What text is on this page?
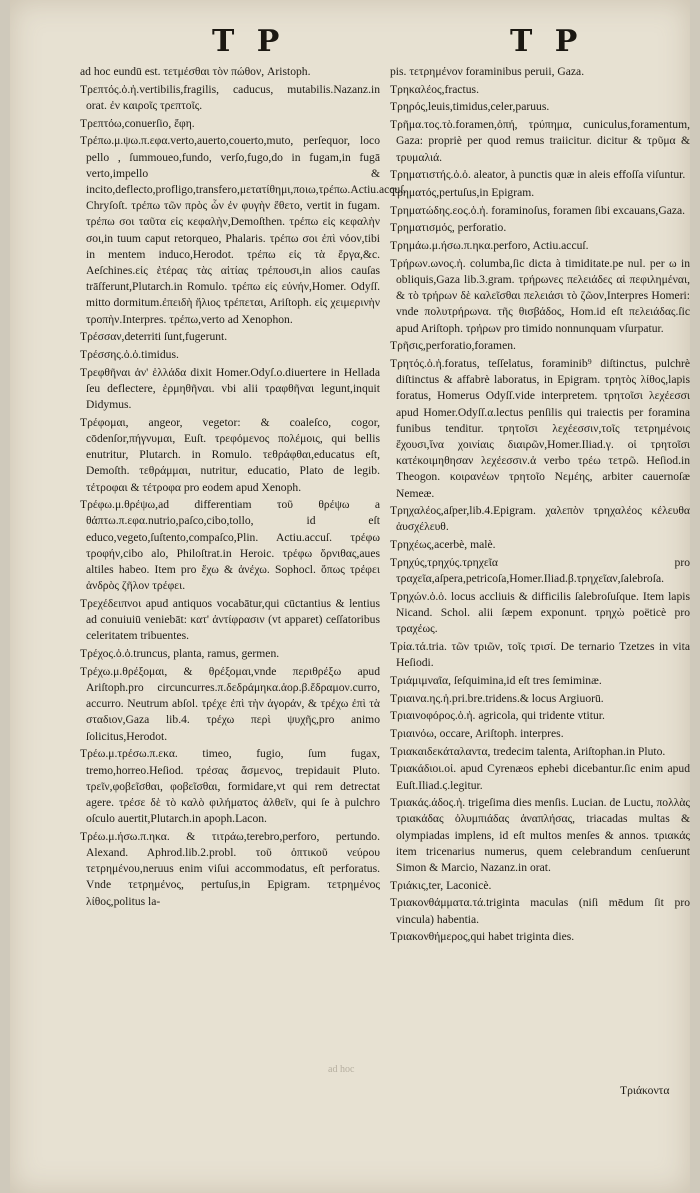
T P	T P

ad hoc eundū est. τετμέσθαι τὸν πώθον, Aristoph.

Τρεπτός.ὁ.ἡ.vertibilis,fragilis, caducus, mutabilis.Nazanz.in orat. ἐν καιροῖς τρεπτοῖς.

Τρεπτόω,conuerſio, ἔφη.

Τρέπω.μ.ψω.π.εφα.verto,auerto,couerto,muto, perſequor, loco pello , ſummoueo,fundo, verſo,fugo,do in fugam,in fugā verto,impello & incito,deflecto,profligo,transfero,μετατίθημι,ποιω,τρέπω.Actiu.accuſ. Chryſoſt. τρέπω τῶν πρὸς ὧν ἐν φυγὴν ἔθετο, vertit in fugam. τρέπω σοι ταῦτα εἰς κεφαλὴν,Demoſthen. τρέπω εἰς κεφαλὴν σοι,in tuum caput retorqueo, Phalaris. τρέπω σοι ἐπὶ νόον,tibi in mentem induco,Herodot. τρέπω εἰς τὰ ἔργα,&c. Aeſchines.εἰς ἑτέρας τὰς αἰτίας τρέπουσι,in alios cauſas trāſferunt,Plutarch.in Romulo. τρέπω εἰς εὐνήν,Homer. Odyſſ. mitto dormitum.ἐπειδὴ ἥλιος τρέπεται, Ariſtoph. εἰς χειμερινὴν τροπὴν.Interpres. τρέπω,verto ad Xenophon.

Τρέσσαν,deterriti ſunt,fugerunt.

Τρέσσης.ὁ.ὁ.timidus.

Τρεφθῆναι ἀν' ἑλλάδα dixit Homer.Odyſ.o.diuertere in Hellada ſeu deflectere, ἑρμηθῆναι. vbi alii τραφθῆναι legunt,inquit Didymus.

Τρέφομαι, angeor, vegetor: & coaleſco, cogor, cōdenſor,πήγνυμαι, Euſt. τρεφόμενος πολέμοις, qui bellis enutritur, Plutarch. in Romulo. τεθράφθαι,educatus eſt, Demoſth. τεθράμμαι, nutritur, educatio, Plato de legib. τέτροφαι & τέτροφα pro eodem apud Xenoph.

Τρέφω.μ.θρέψω,ad differentiam τοῦ θρέψω a θάπτω.π.εφα.nutrio,paſco,cibo,tollo, id eſt educo,vegeto,ſuſtento,compaſco,Plin. Actiu.accuſ. τρέφω τροφήν,cibo alo, Philoſtrat.in Heroic. τρέφω ὄρνιθας,aues altiles habeo. Item pro ἔχω & ἀνέχω. Sophocl. ὅπως τρέφει ἀνδρὸς ζῆλον τρέφει.

Τρεχέδειπνοι apud antiquos vocabātur,qui cūctantius & lentius ad conuiuiū veniebāt: κατ' ἀντίφρασιν (vt apparet) ceſſatoribus celeritatem tribuentes.

Τρέχος.ὁ.ὁ.truncus, planta, ramus, germen.

Τρέχω.μ.θρέξομαι, & θρέξομαι,vnde περιθρέξω apud Ariſtoph.pro circuncurres.π.δεδράμηκα.ἀορ.β.ἔδραμον.curro, accurro. Neutrum abſol. τρέχε ἐπὶ τὴν ἀγοράν, & τρέχω ἐπὶ τὰ σταδιον,Gaza lib.4. τρέχω περὶ ψυχῆς,pro animo ſolicitus,Herodot.

Τρέω.μ.τρέσω.π.εκα. timeo, fugio, ſum fugax, tremo,horreo.Heſiod. τρέσας ἄσμενος, trepidauit Pluto. τρεῖν,φοβεῖσθαι, φοβεῖσθαι, formidare,vt qui rem detrectat agere. τρέσε δὲ τὸ καλὸ φιλήματος ἀλθεῖν, qui ſe à pulchro oſculo auertit,Plutarch.in apoph.Lacon.

Τρέω.μ.ήσω.π.ηκα. & τιτράω,terebro,perforo, pertundo. Alexand. Aphrod.lib.2.probl. τοῦ ὀπτικοῦ νεύρου τετρημένου,neruus enim viſui accommodatus, eſt perforatus. Vnde τετρημένος, pertuſus,in Epigram. τετρημένος λίθος,politus la-

pis. τετρημένον foraminibus peruii, Gaza.

Τρηκαλέος,fractus.

Τρηρός,leuis,timidus,celer,paruus.

Τρῆμα.τος.τὸ.foramen,ὀπή, τρύπημα, cuniculus,foramentum, Gaza: propriè per quod remus traiicitur. dicitur & τρῦμα & τρυμαλιά.

Τρηματιστής.ὁ.ὁ. aleator, à punctis quæ in aleis effoſſa viſuntur.

Τρηματός,pertuſus,in Epigram.

Τρηματώδης.εος.ὁ.ἡ. foraminoſus, foramen ſibi excauans,Gaza.

Τρηματισμός, perforatio.

Τρημάω.μ.ήσω.π.ηκα.perforo, Actiu.accuſ.

Τρήρων.ωνος.ἡ. columba,ſic dicta à timiditate.pe nul. per ω in obliquis,Gaza lib.3.gram. τρήρωνες πελειάδες αἱ πεφιλημέναι, & τὸ τρήρων δὲ καλεῖσθαι πελειάσι τὸ ζῶον,Interpres Homeri: vnde πολυτρήρωνα. τῆς θισβάδος, Hom.id eſt πελειάδας.ſic apud Ariſtoph. τρήρων pro timido nonnunquam vſurpatur.

Τρῆσις,perforatio,foramen.

Τρητός.ὁ.ἡ.foratus, teſſelatus, foraminib⁹ diſtinctus, pulchrè diſtinctus & affabrè laboratus, in Epigram. τρητὸς λίθος,lapis foratus, Homerus Odyſſ.vide interpretem. τρητοῖσι λεχέεσσι apud Homer.Odyſſ.α.lectus penſilis qui traiectis per foramina funibus tenditur. τρητοῖσι λεχέεσσιν,τοῖς τετρημένοις ἔχουσι,ἵνα χοινίαις διαιρῶν,Homer.Iliad.γ. οἱ τρητοῖσι κατέκοιμηθησαν λεχέεσσιν.ἀ verbo τρέω τετρῶ. Heſiod.in Theogon. κοιρανέων τρητοῖο Νεμέης, arbiter cauernoſæ Nemeæ.

Τρηχαλέος,aſper,lib.4.Epigram. χαλεπὸν τρηχαλέος κέλευθα ἀυσχέλευθ.

Τρηχέως,acerbè, malè.

Τρηχύς,τρηχύς.τρηχεῖα pro τραχεῖα,aſpera,petricoſa,Homer.Iliad.β.τρηχεῖαν,ſalebroſa.

Τρηχών.ὁ.ὁ. locus accliuis & difficilis ſalebroſuſque. Item lapis Nicand. Schol. alii ſæpem exponunt. τρηχὼ poëticè pro τραχέως.

Τρία.τά.tria. τῶν τριῶν, τοῖς τρισί. De ternario Tzetzes in vita Heſiodi.

Τριάμιμναῖα, ſeſquimina,id eſt tres ſemiminæ.

Τριαινα.ης.ἡ.pri.bre.tridens.& locus Argiuorū.

Τριαινοφόρος.ὁ.ἡ. agricola, qui tridente vtitur.

Τριαινόω, occare, Ariſtoph. interpres.

Τριακαιδεκάταλαντα, tredecim talenta, Ariſtophan.in Pluto.

Τριακάδιοι.οἱ. apud Cyrenæos ephebi dicebantur.ſic enim apud Euſt.Iliad.ϛ.legitur.

Τριακάς.άδος.ἡ. trigeſima dies menſis. Lucian. de Luctu, πολλὰς τριακάδας ὁλυμπιάδας ἀναπλήσας, triacadas multas & olympiadas implens, id eſt multos menſes & annos. τριακάς item tricenarius numerus, quem celebrandum cenſuerunt Simon & Marcio, Nazanz.in orat.

Τριάκις,ter, Laconicè.

Τριακονθάμματα.τά.triginta maculas (niſi mēdum ſit pro vincula) habentia.

Τριακονθήμερος,qui habet triginta dies.

ad hoc
Τριάκοντα
